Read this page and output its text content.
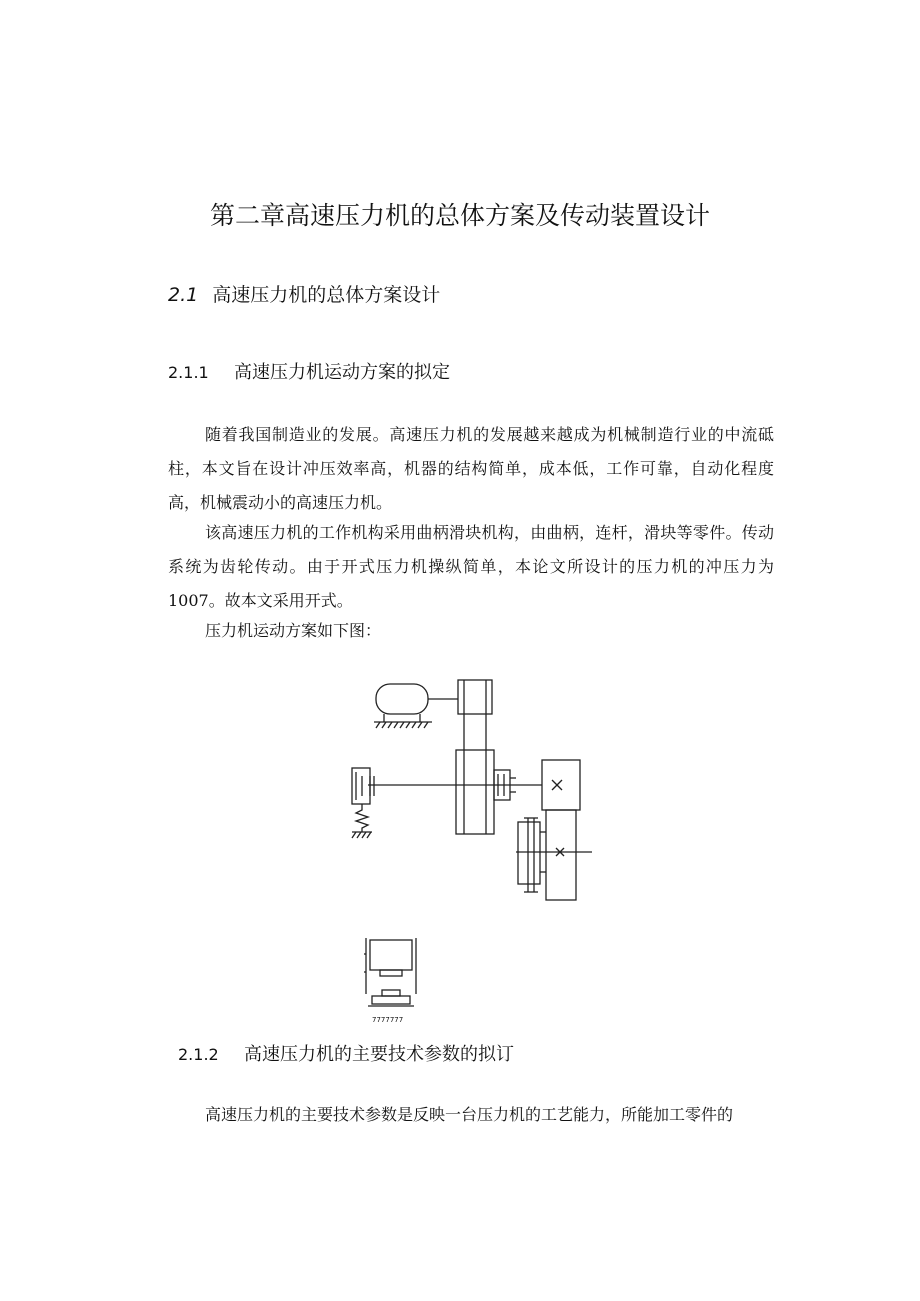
第二章高速压力机的总体方案及传动装置设计
2.1 高速压力机的总体方案设计
2.1.1 高速压力机运动方案的拟定
随着我国制造业的发展。高速压力机的发展越来越成为机械制造行业的中流砥柱，本文旨在设计冲压效率高，机器的结构简单，成本低，工作可靠，自动化程度高，机械震动小的高速压力机。
该高速压力机的工作机构采用曲柄滑块机构，由曲柄，连杆，滑块等零件。传动系统为齿轮传动。由于开式压力机操纵简单，本论文所设计的压力机的冲压力为1007。故本文采用开式。
压力机运动方案如下图：
7777777
2.1.2 高速压力机的主要技术参数的拟订
高速压力机的主要技术参数是反映一台压力机的工艺能力，所能加工零件的
